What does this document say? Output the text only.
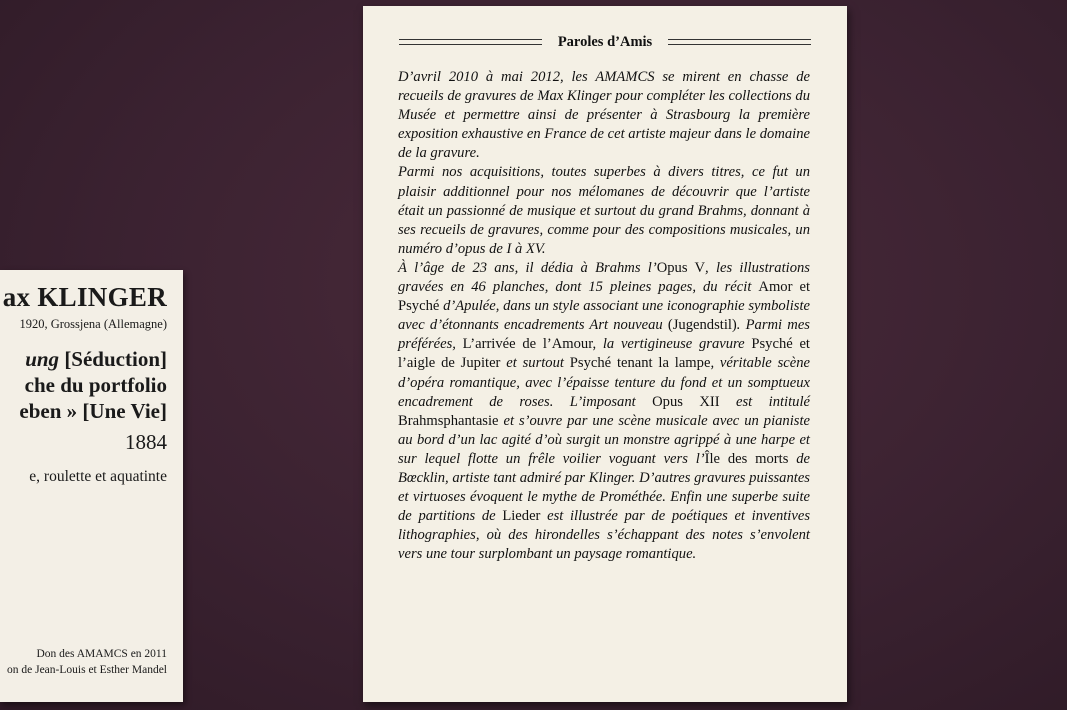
ax KLINGER
1920, Grossjena (Allemagne)
ung [Séduction]
che du portfolio
eben » [Une Vie]
1884
e, roulette et aquatinte
Don des AMAMCS en 2011
on de Jean-Louis et Esther Mandel
Paroles d’Amis

D’avril 2010 à mai 2012, les AMAMCS se mirent en chasse de recueils de gravures de Max Klinger pour compléter les collections du Musée et permettre ainsi de présenter à Strasbourg la première exposition exhaustive en France de cet artiste majeur dans le domaine de la gravure.

Parmi nos acquisitions, toutes superbes à divers titres, ce fut un plaisir additionnel pour nos mélomanes de découvrir que l’artiste était un passionné de musique et surtout du grand Brahms, donnant à ses recueils de gravures, comme pour des compositions musicales, un numéro d’opus de I à XV.

À l’âge de 23 ans, il dédia à Brahms l’Opus V, les illustrations gravées en 46 planches, dont 15 pleines pages, du récit Amor et Psyché d’Apulée, dans un style associant une iconographie symboliste avec d’étonnants encadrements Art nouveau (Jugendstil). Parmi mes préférées, L’arrivée de l’Amour, la vertigineuse gravure Psyché et l’aigle de Jupiter et surtout Psyché tenant la lampe, véritable scène d’opéra romantique, avec l’épaisse tenture du fond et un somptueux encadrement de roses. L’imposant Opus XII est intitulé Brahmsphantasie et s’ouvre par une scène musicale avec un pianiste au bord d’un lac agité d’où surgit un monstre agrippé à une harpe et sur lequel flotte un frêle voilier voguant vers l’Île des morts de Bœcklin, artiste tant admiré par Klinger. D’autres gravures puissantes et virtuoses évoquent le mythe de Prométhée. Enfin une superbe suite de partitions de Lieder est illustrée par de poétiques et inventives lithographies, où des hirondelles s’échappant des notes s’envolent vers une tour surplombant un paysage romantique.
